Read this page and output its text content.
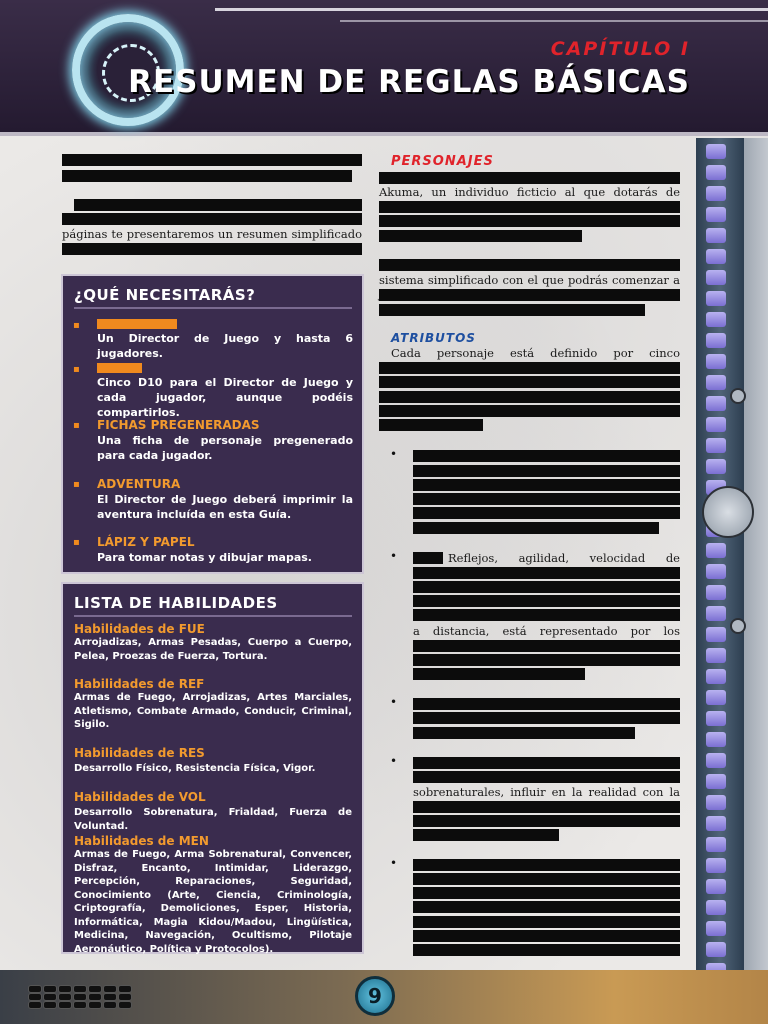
CAPÍTULO I
RESUMEN DE REGLAS BÁSICAS
páginas te presentaremos un resumen simplificado
¿QUÉ NECESITARÁS?
▪
Un Director de Juego y hasta 6 jugadores.
▪
Cinco D10 para el Director de Juego y cada jugador, aunque podéis compartirlos.
▪ FICHAS PREGENERADAS
Una ficha de personaje pregenerado para cada jugador.
▪ ADVENTURA
El Director de Juego deberá imprimir la aventura incluída en esta Guía.
▪ LÁPIZ Y PAPEL
Para tomar notas y dibujar mapas.
LISTA DE HABILIDADES
Habilidades de FUE
Arrojadizas, Armas Pesadas, Cuerpo a Cuerpo, Pelea, Proezas de Fuerza, Tortura.
Habilidades de REF
Armas de Fuego, Arrojadizas, Artes Marciales, Atletismo, Combate Armado, Conducir, Criminal, Sigilo.
Habilidades de RES
Desarrollo Físico, Resistencia Física, Vigor.
Habilidades de VOL
Desarrollo Sobrenatura, Frialdad, Fuerza de Voluntad.
Habilidades de MEN
Armas de Fuego, Arma Sobrenatural, Convencer, Disfraz, Encanto, Intimidar, Liderazgo, Percepción, Reparaciones, Seguridad, Conocimiento (Arte, Ciencia, Criminología, Criptografía, Demoliciones, Esper, Historia, Informática, Magia Kidou/Madou, Lingüística, Medicina, Navegación, Ocultismo, Pilotaje Aeronáutico, Política y Protocolos).
PERSONAJES
Akuma, un individuo ficticio al que dotarás de
sistema simplificado con el que podrás comenzar a
ATRIBUTOS
Cada personaje está definido por cinco
•
•	Reflejos, agilidad, velocidad de
a distancia, está representado por los
•
•
sobrenaturales, influir en la realidad con la
•
9
